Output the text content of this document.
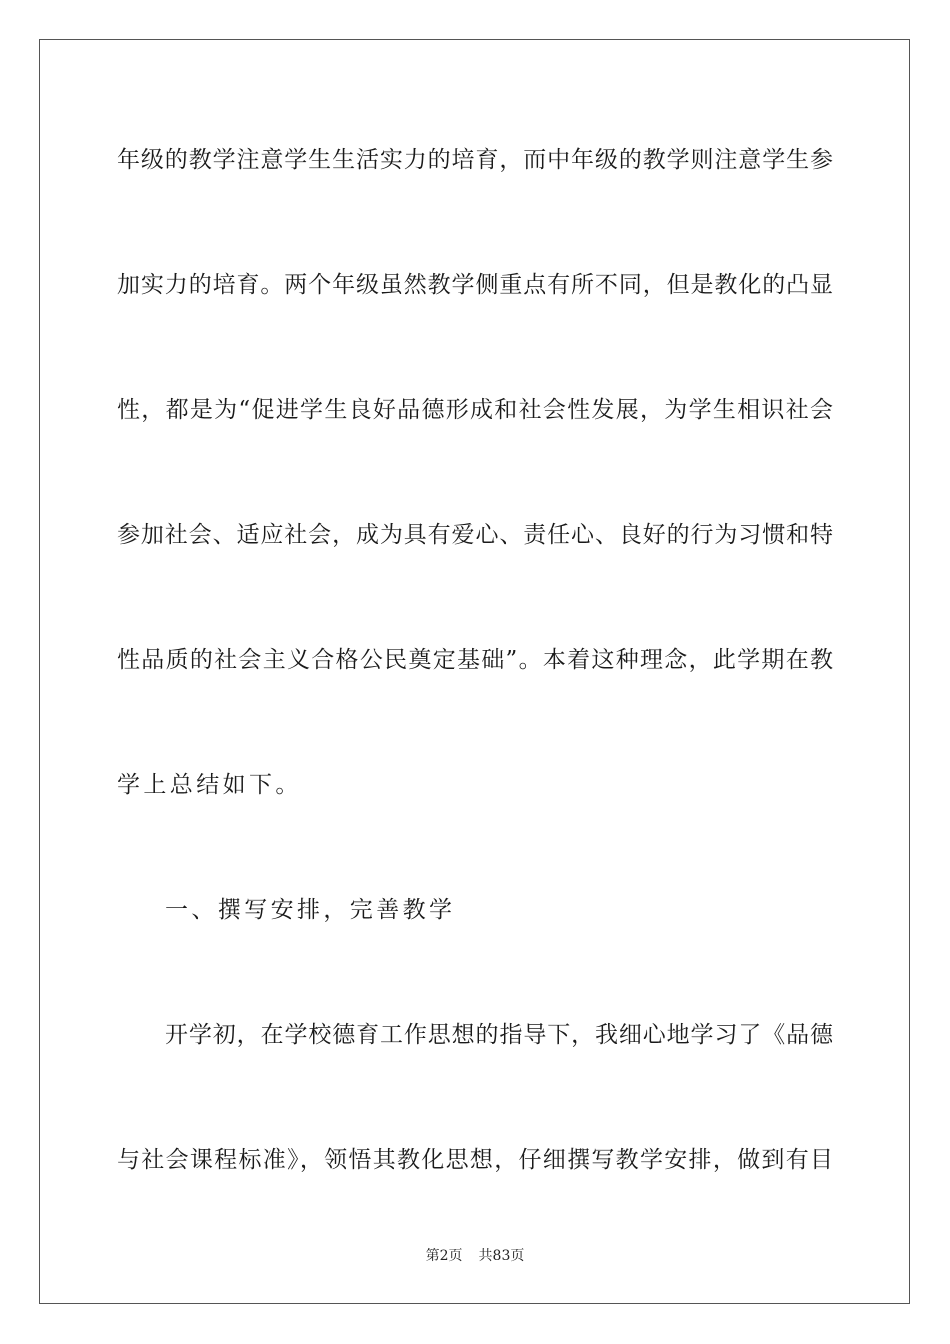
年级的教学注意学生生活实力的培育，而中年级的教学则注意学生参
加实力的培育。两个年级虽然教学侧重点有所不同，但是教化的凸显
性，都是为“促进学生良好品德形成和社会性发展，为学生相识社会
参加社会、适应社会，成为具有爱心、责任心、良好的行为习惯和特
性品质的社会主义合格公民奠定基础”。本着这种理念，此学期在教
学上总结如下。
一、撰写安排，完善教学
开学初，在学校德育工作思想的指导下，我细心地学习了《品德
与社会课程标准》，领悟其教化思想，仔细撰写教学安排，做到有目
第2页 共83页
